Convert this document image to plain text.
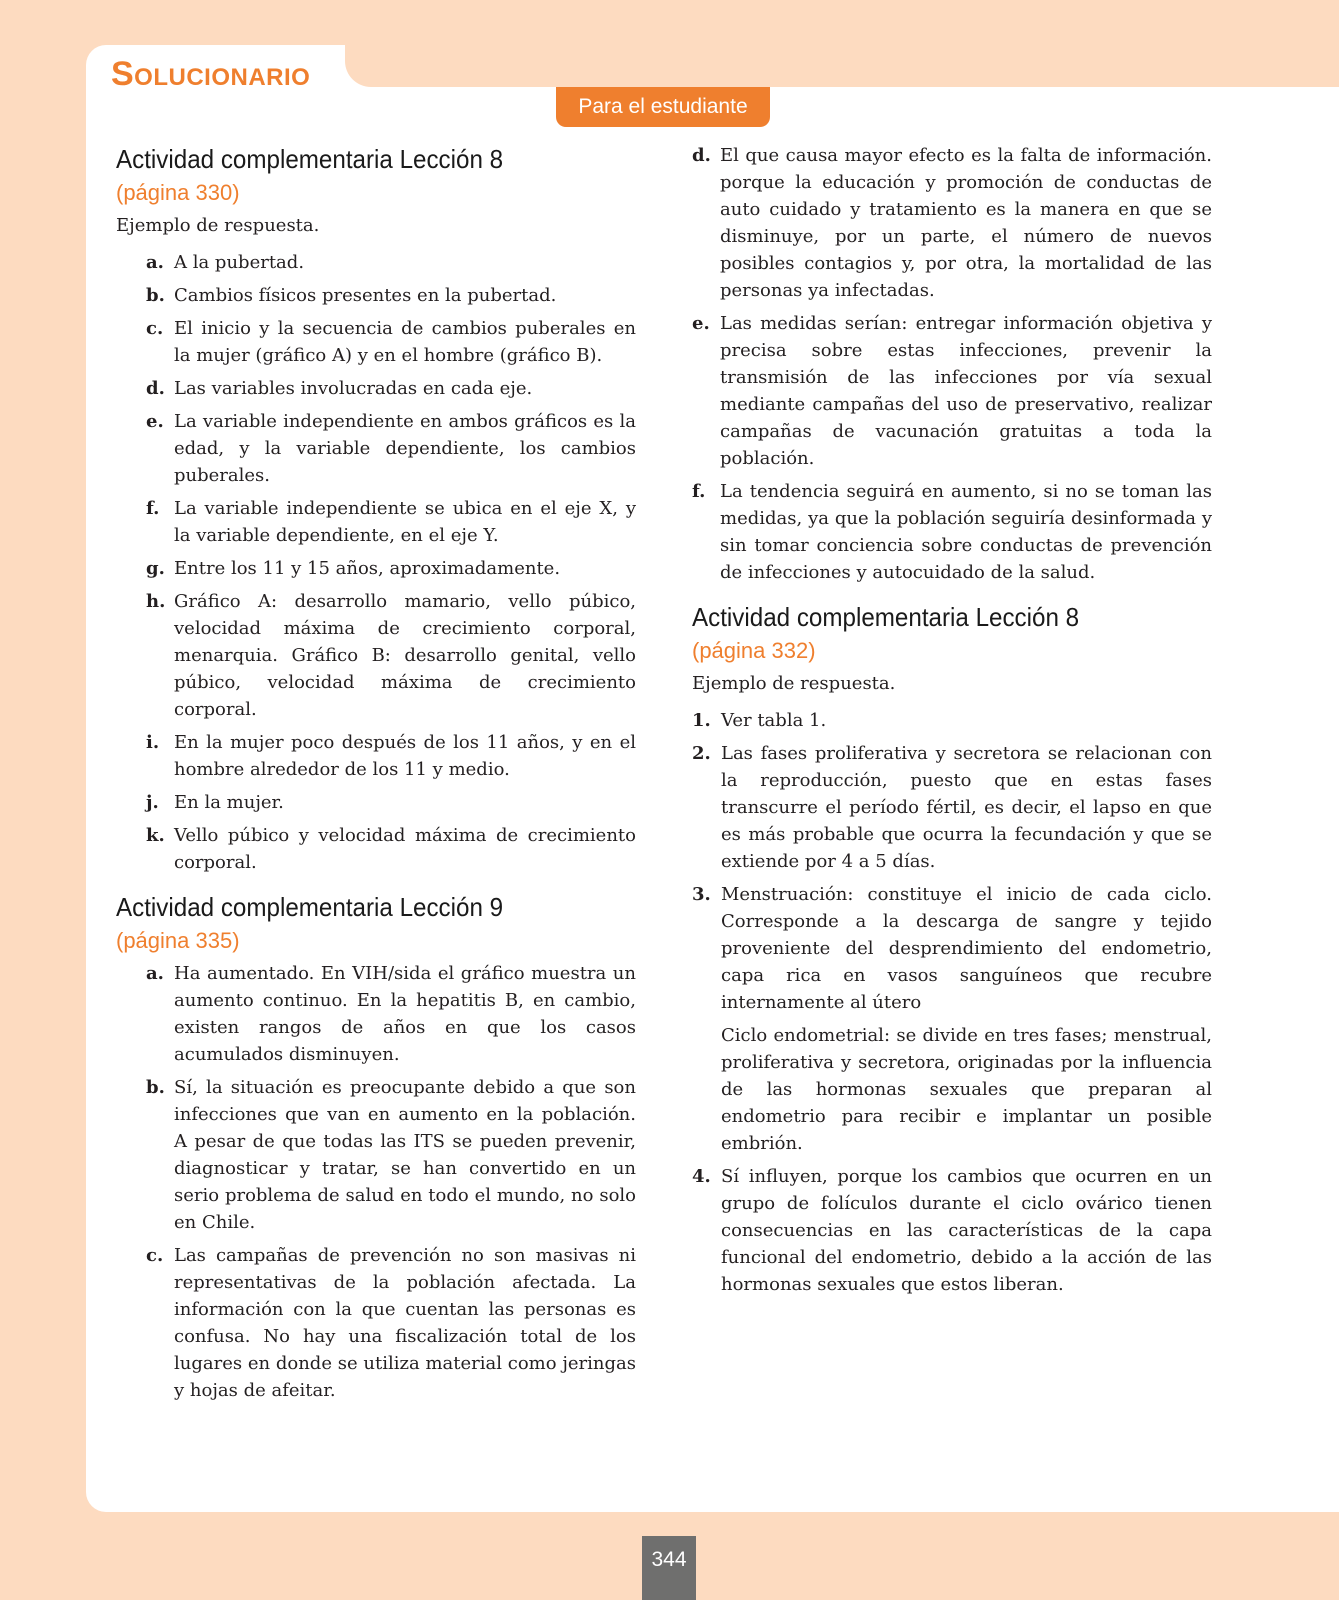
Solucionario
Para el estudiante
Actividad complementaria Lección 8
(página 330)

Ejemplo de respuesta.

a. A la pubertad.
b. Cambios físicos presentes en la pubertad.
c. El inicio y la secuencia de cambios puberales en la mujer (gráfico A) y en el hombre (gráfico B).
d. Las variables involucradas en cada eje.
e. La variable independiente en ambos gráficos es la edad, y la variable dependiente, los cambios puberales.
f. La variable independiente se ubica en el eje X, y la variable dependiente, en el eje Y.
g. Entre los 11 y 15 años, aproximadamente.
h. Gráfico A: desarrollo mamario, vello púbico, velocidad máxima de crecimiento corporal, menarquia. Gráfico B: desarrollo genital, vello púbico, velocidad máxima de crecimiento corporal.
i. En la mujer poco después de los 11 años, y en el hombre alrededor de los 11 y medio.
j. En la mujer.
k. Vello púbico y velocidad máxima de crecimiento corporal.
Actividad complementaria Lección 9
(página 335)
a. Ha aumentado. En VIH/sida el gráfico muestra un aumento continuo. En la hepatitis B, en cambio, existen rangos de años en que los casos acumulados disminuyen.
b. Sí, la situación es preocupante debido a que son infecciones que van en aumento en la población. A pesar de que todas las ITS se pueden prevenir, diagnosticar y tratar, se han convertido en un serio problema de salud en todo el mundo, no solo en Chile.
c. Las campañas de prevención no son masivas ni representativas de la población afectada. La información con la que cuentan las personas es confusa. No hay una fiscalización total de los lugares en donde se utiliza material como jeringas y hojas de afeitar.
d. El que causa mayor efecto es la falta de información. porque la educación y promoción de conductas de auto cuidado y tratamiento es la manera en que se disminuye, por un parte, el número de nuevos posibles contagios y, por otra, la mortalidad de las personas ya infectadas.
e. Las medidas serían: entregar información objetiva y precisa sobre estas infecciones, prevenir la transmisión de las infecciones por vía sexual mediante campañas del uso de preservativo, realizar campañas de vacunación gratuitas a toda la población.
f. La tendencia seguirá en aumento, si no se toman las medidas, ya que la población seguiría desinformada y sin tomar conciencia sobre conductas de prevención de infecciones y autocuidado de la salud.
Actividad complementaria Lección 8
(página 332)

Ejemplo de respuesta.

1. Ver tabla 1.
2. Las fases proliferativa y secretora se relacionan con la reproducción, puesto que en estas fases transcurre el período fértil, es decir, el lapso en que es más probable que ocurra la fecundación y que se extiende por 4 a 5 días.
3. Menstruación: constituye el inicio de cada ciclo. Corresponde a la descarga de sangre y tejido proveniente del desprendimiento del endometrio, capa rica en vasos sanguíneos que recubre internamente al útero
Ciclo endometrial: se divide en tres fases; menstrual, proliferativa y secretora, originadas por la influencia de las hormonas sexuales que preparan al endometrio para recibir e implantar un posible embrión.
4. Sí influyen, porque los cambios que ocurren en un grupo de folículos durante el ciclo ovárico tienen consecuencias en las características de la capa funcional del endometrio, debido a la acción de las hormonas sexuales que estos liberan.
344
